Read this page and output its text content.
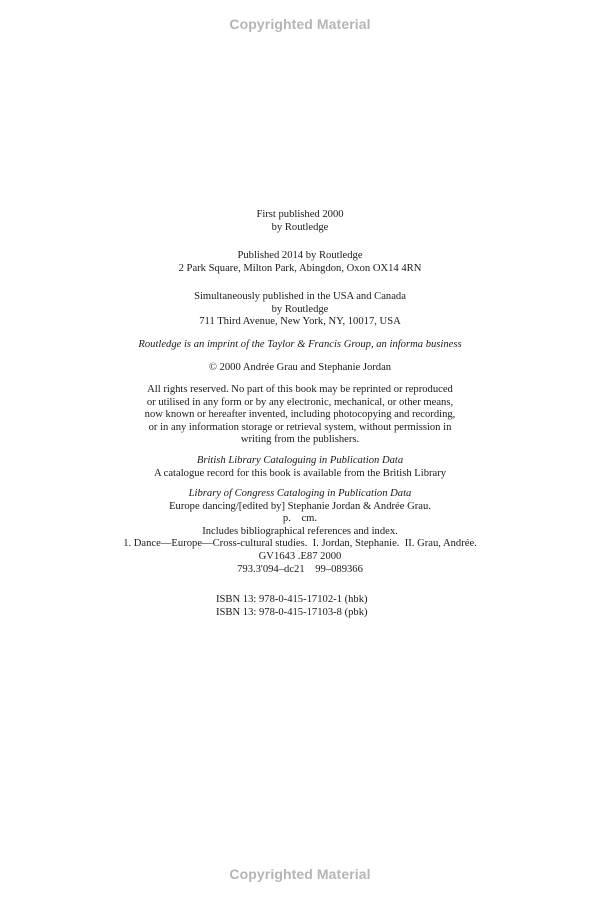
Copyrighted Material
First published 2000
by Routledge
Published 2014 by Routledge
2 Park Square, Milton Park, Abingdon, Oxon OX14 4RN
Simultaneously published in the USA and Canada
by Routledge
711 Third Avenue, New York, NY, 10017, USA
Routledge is an imprint of the Taylor & Francis Group, an informa business
© 2000 Andrée Grau and Stephanie Jordan
All rights reserved. No part of this book may be reprinted or reproduced
or utilised in any form or by any electronic, mechanical, or other means,
now known or hereafter invented, including photocopying and recording,
or in any information storage or retrieval system, without permission in
writing from the publishers.
British Library Cataloguing in Publication Data
A catalogue record for this book is available from the British Library
Library of Congress Cataloging in Publication Data
Europe dancing/[edited by] Stephanie Jordan & Andrée Grau.
p.    cm.
Includes bibliographical references and index.
1. Dance—Europe—Cross-cultural studies.  I. Jordan, Stephanie.  II. Grau, Andrée.
GV1643 .E87 2000
793.3'094–dc21    99–089366
ISBN 13: 978-0-415-17102-1 (hbk)
ISBN 13: 978-0-415-17103-8 (pbk)
Copyrighted Material
